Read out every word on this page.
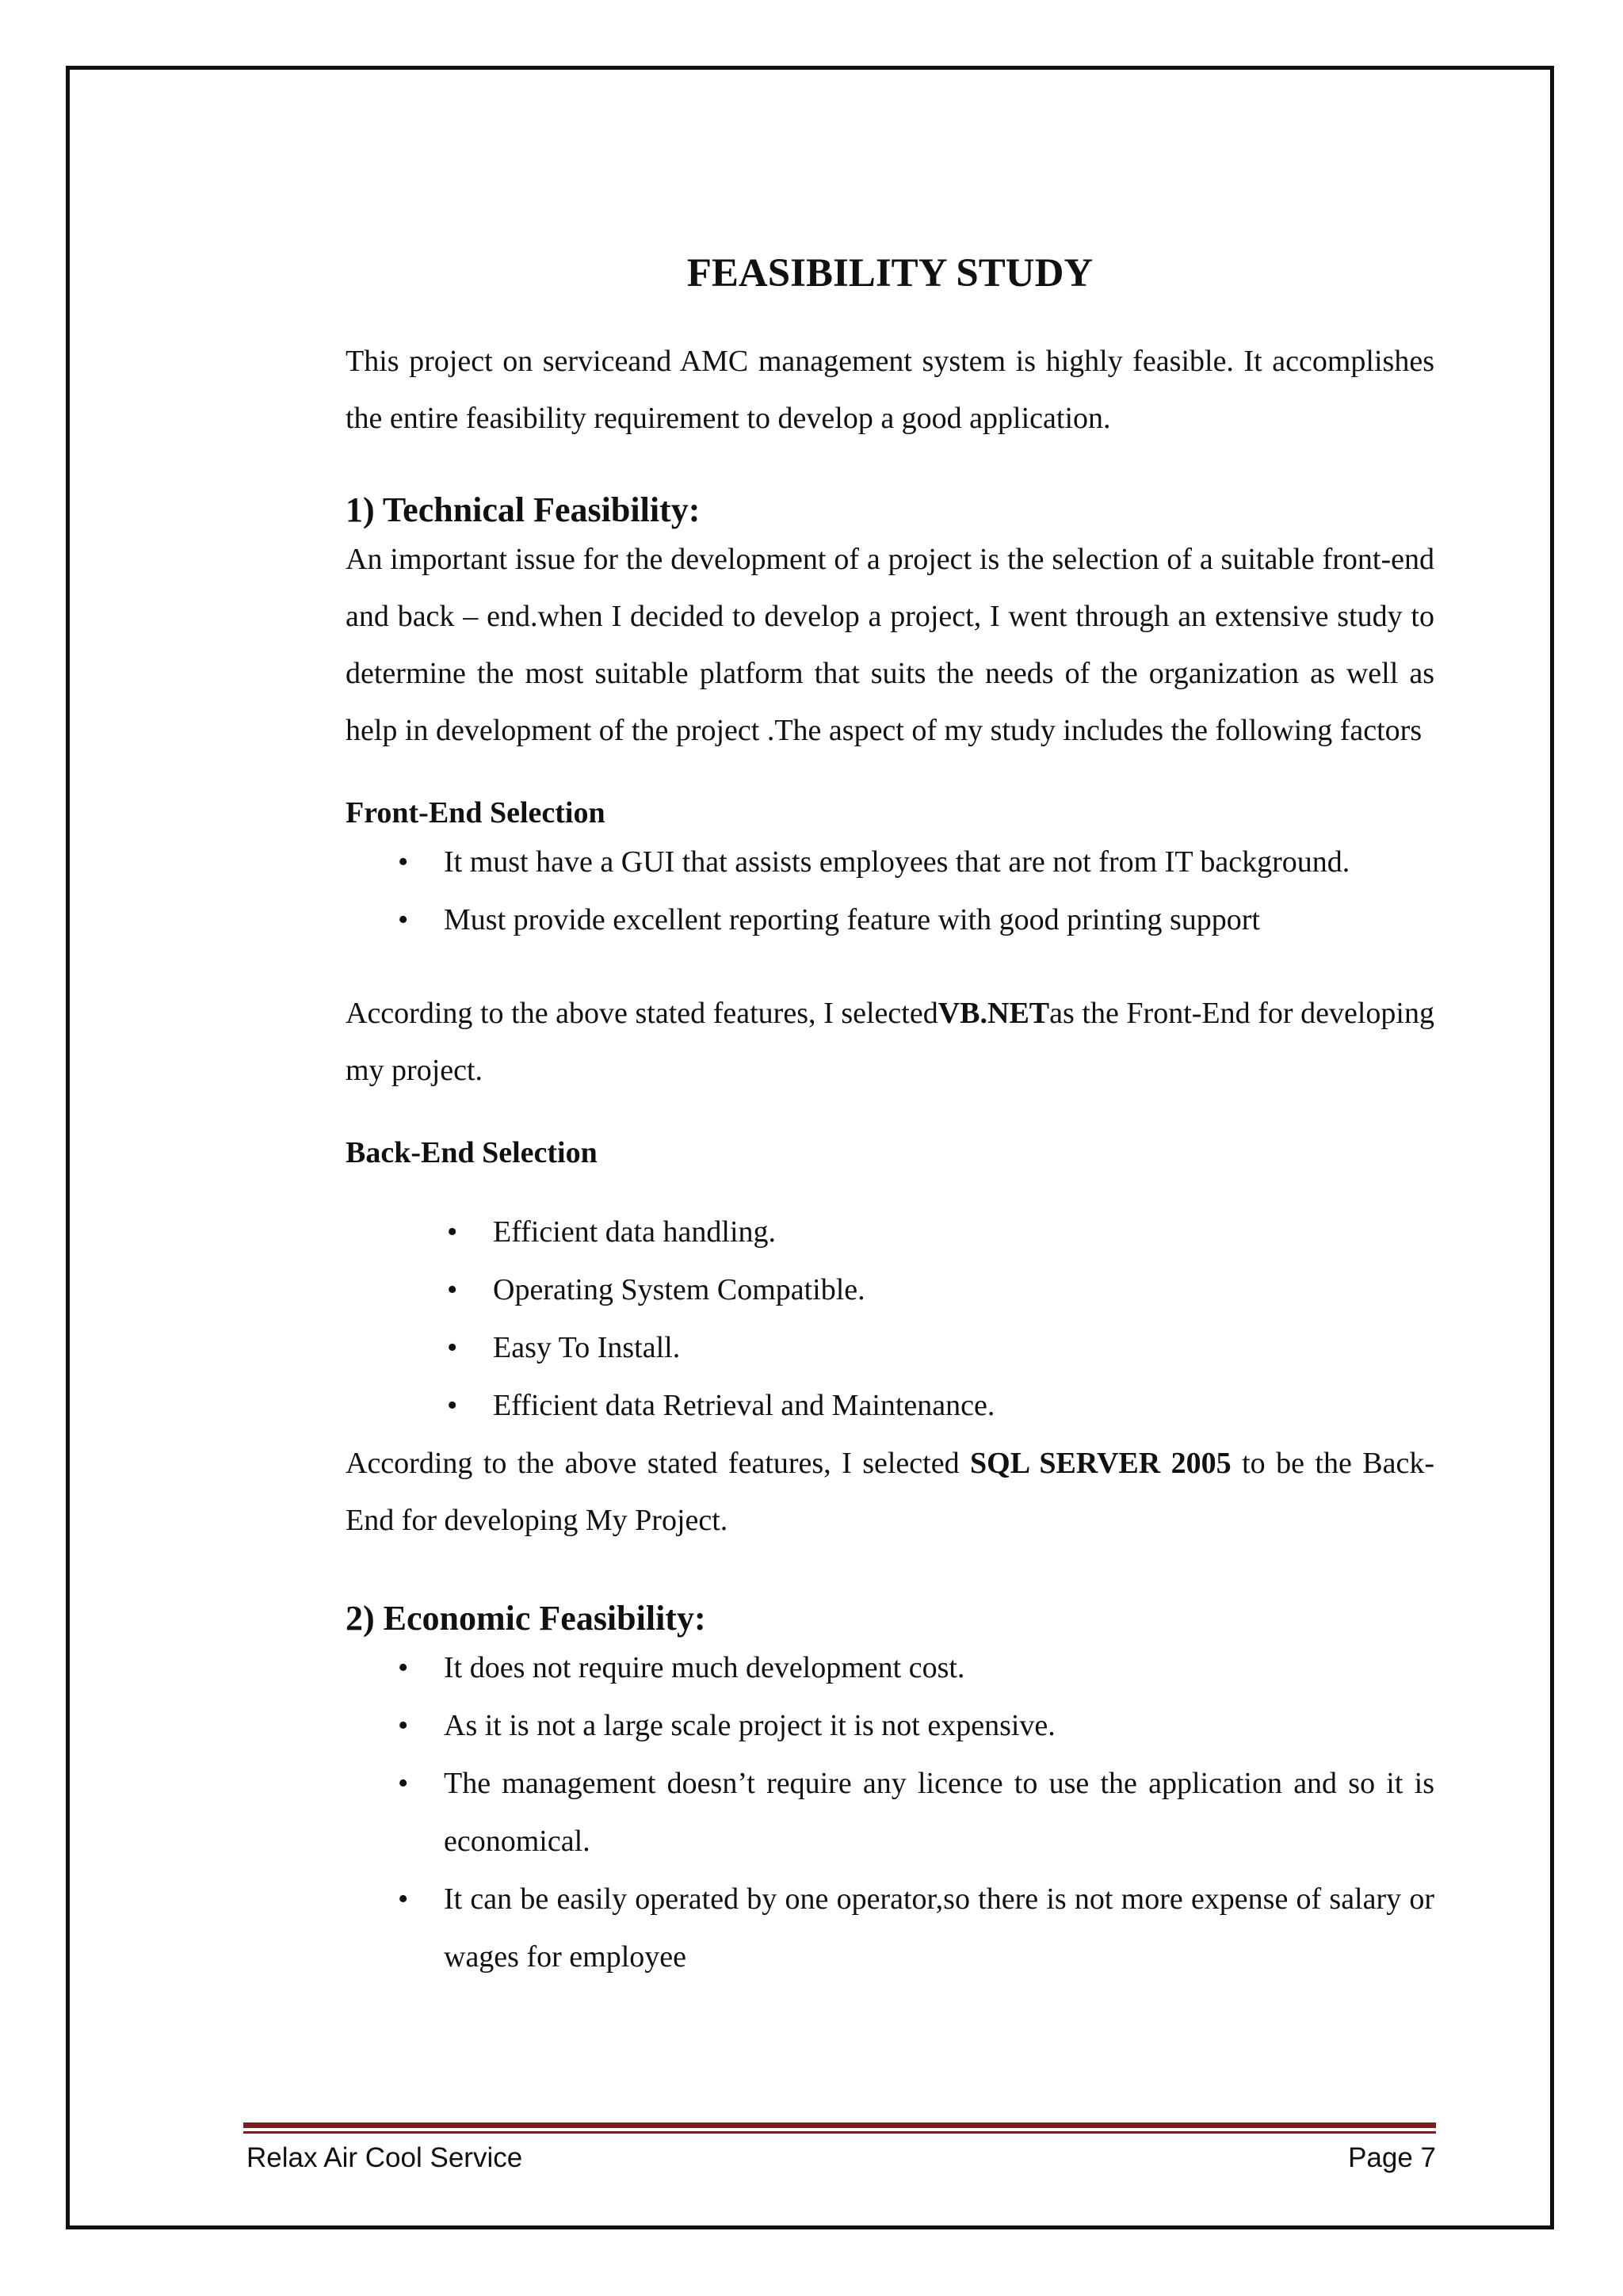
FEASIBILITY STUDY

This project on serviceand AMC management system is highly feasible. It accomplishes the entire feasibility requirement to develop a good application.

1) Technical Feasibility:

An important issue for the development of a project is the selection of a suitable front-end and back – end.when I decided to develop a project, I went through an extensive study to determine the most suitable platform that suits the needs of the organization as well as help in development of the project .The aspect of my study includes the following factors

Front-End Selection
• It must have a GUI that assists employees that are not from IT background.
• Must provide excellent reporting feature with good printing support

According to the above stated features, I selectedVB.NETas the Front-End for developing my project.

Back-End Selection
• Efficient data handling.
• Operating System Compatible.
• Easy To Install.
• Efficient data Retrieval and Maintenance.

According to the above stated features, I selected SQL SERVER 2005 to be the Back-End for developing My Project.

2) Economic Feasibility:
• It does not require much development cost.
• As it is not a large scale project it is not expensive.
• The management doesn’t require any licence to use the application and so it is economical.
• It can be easily operated by one operator,so there is not more expense of salary or wages for employee
Relax Air Cool Service	Page 7
